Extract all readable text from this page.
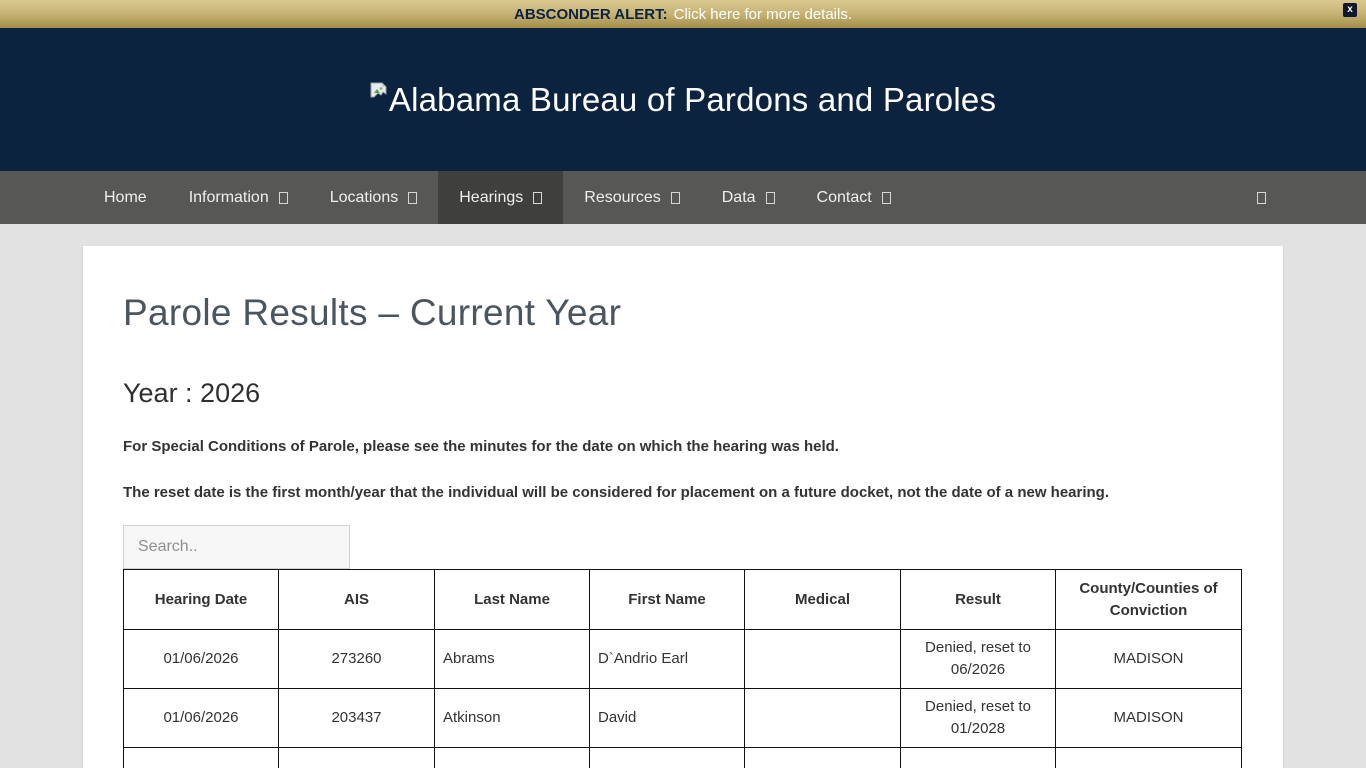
ABSCONDER ALERT: Click here for more details.	x
Alabama Bureau of Pardons and Paroles
Home	Information	Locations	Hearings	Resources	Data	Contact
Parole Results – Current Year
Year : 2026

For Special Conditions of Parole, please see the minutes for the date on which the hearing was held.

The reset date is the first month/year that the individual will be considered for placement on a future docket, not the date of a new hearing.

Search..
Hearing Date	AIS	Last Name	First Name	Medical	Result	County/Counties of Conviction
01/06/2026	273260	Abrams	D`Andrio Earl		Denied, reset to 06/2026	MADISON
01/06/2026	203437	Atkinson	David		Denied, reset to 01/2028	MADISON
